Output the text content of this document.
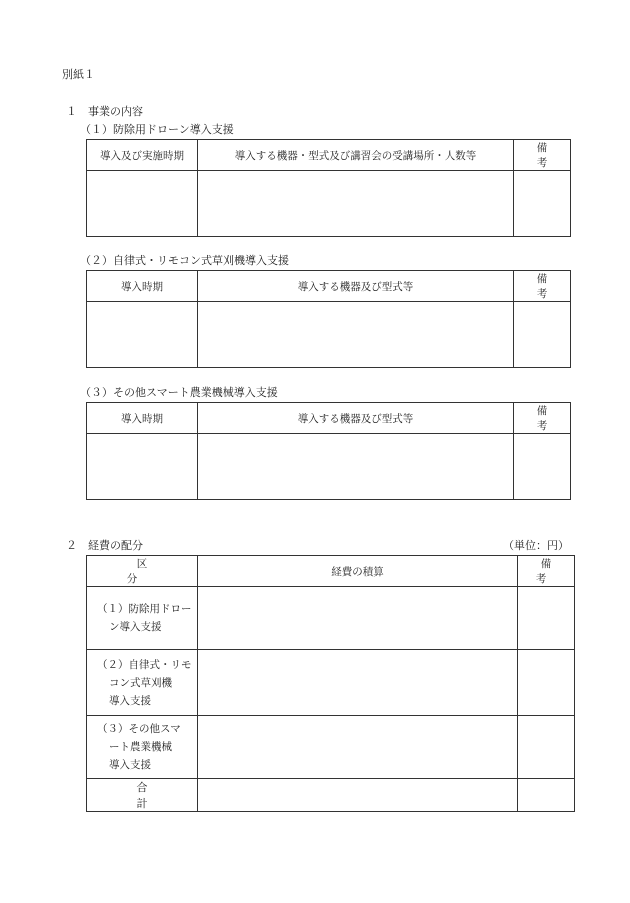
別紙１
１　事業の内容
（１）防除用ドローン導入支援
導入及び実施時期	導入する機器・型式及び講習会の受講場所・人数等	備　考

（２）自律式・リモコン式草刈機導入支援
導入時期	導入する機器及び型式等	備　考

（３）その他スマート農業機械導入支援
導入時期	導入する機器及び型式等	備　考

２　経費の配分	（単位：円）
区　分	経費の積算	備　考

（１）防除用ドロー
ン導入支援		

（２）自律式・リモ
コン式草刈機
導入支援		

（３）その他スマ
ート農業機械
導入支援		

合　計		
